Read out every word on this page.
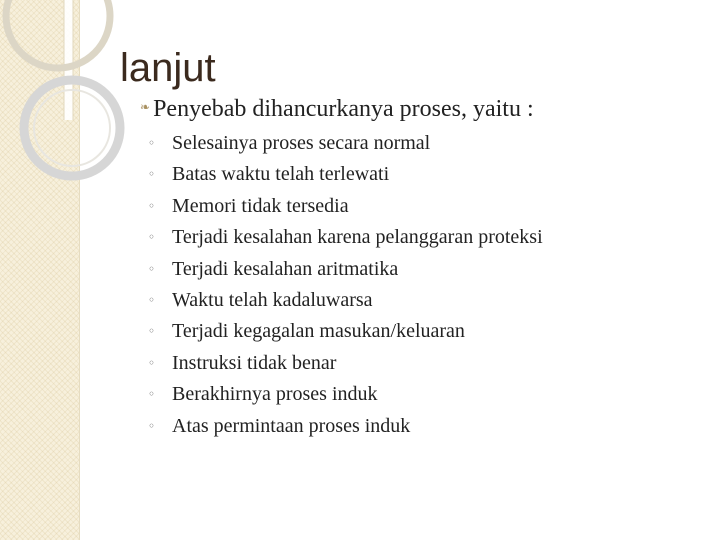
lanjut
❧ Penyebab dihancurkanya proses, yaitu :
◦ Selesainya proses secara normal
◦ Batas waktu telah terlewati
◦ Memori tidak tersedia
◦ Terjadi kesalahan karena pelanggaran proteksi
◦ Terjadi kesalahan aritmatika
◦ Waktu telah kadaluwarsa
◦ Terjadi kegagalan masukan/keluaran
◦ Instruksi tidak benar
◦ Berakhirnya proses induk
◦ Atas permintaan proses induk
